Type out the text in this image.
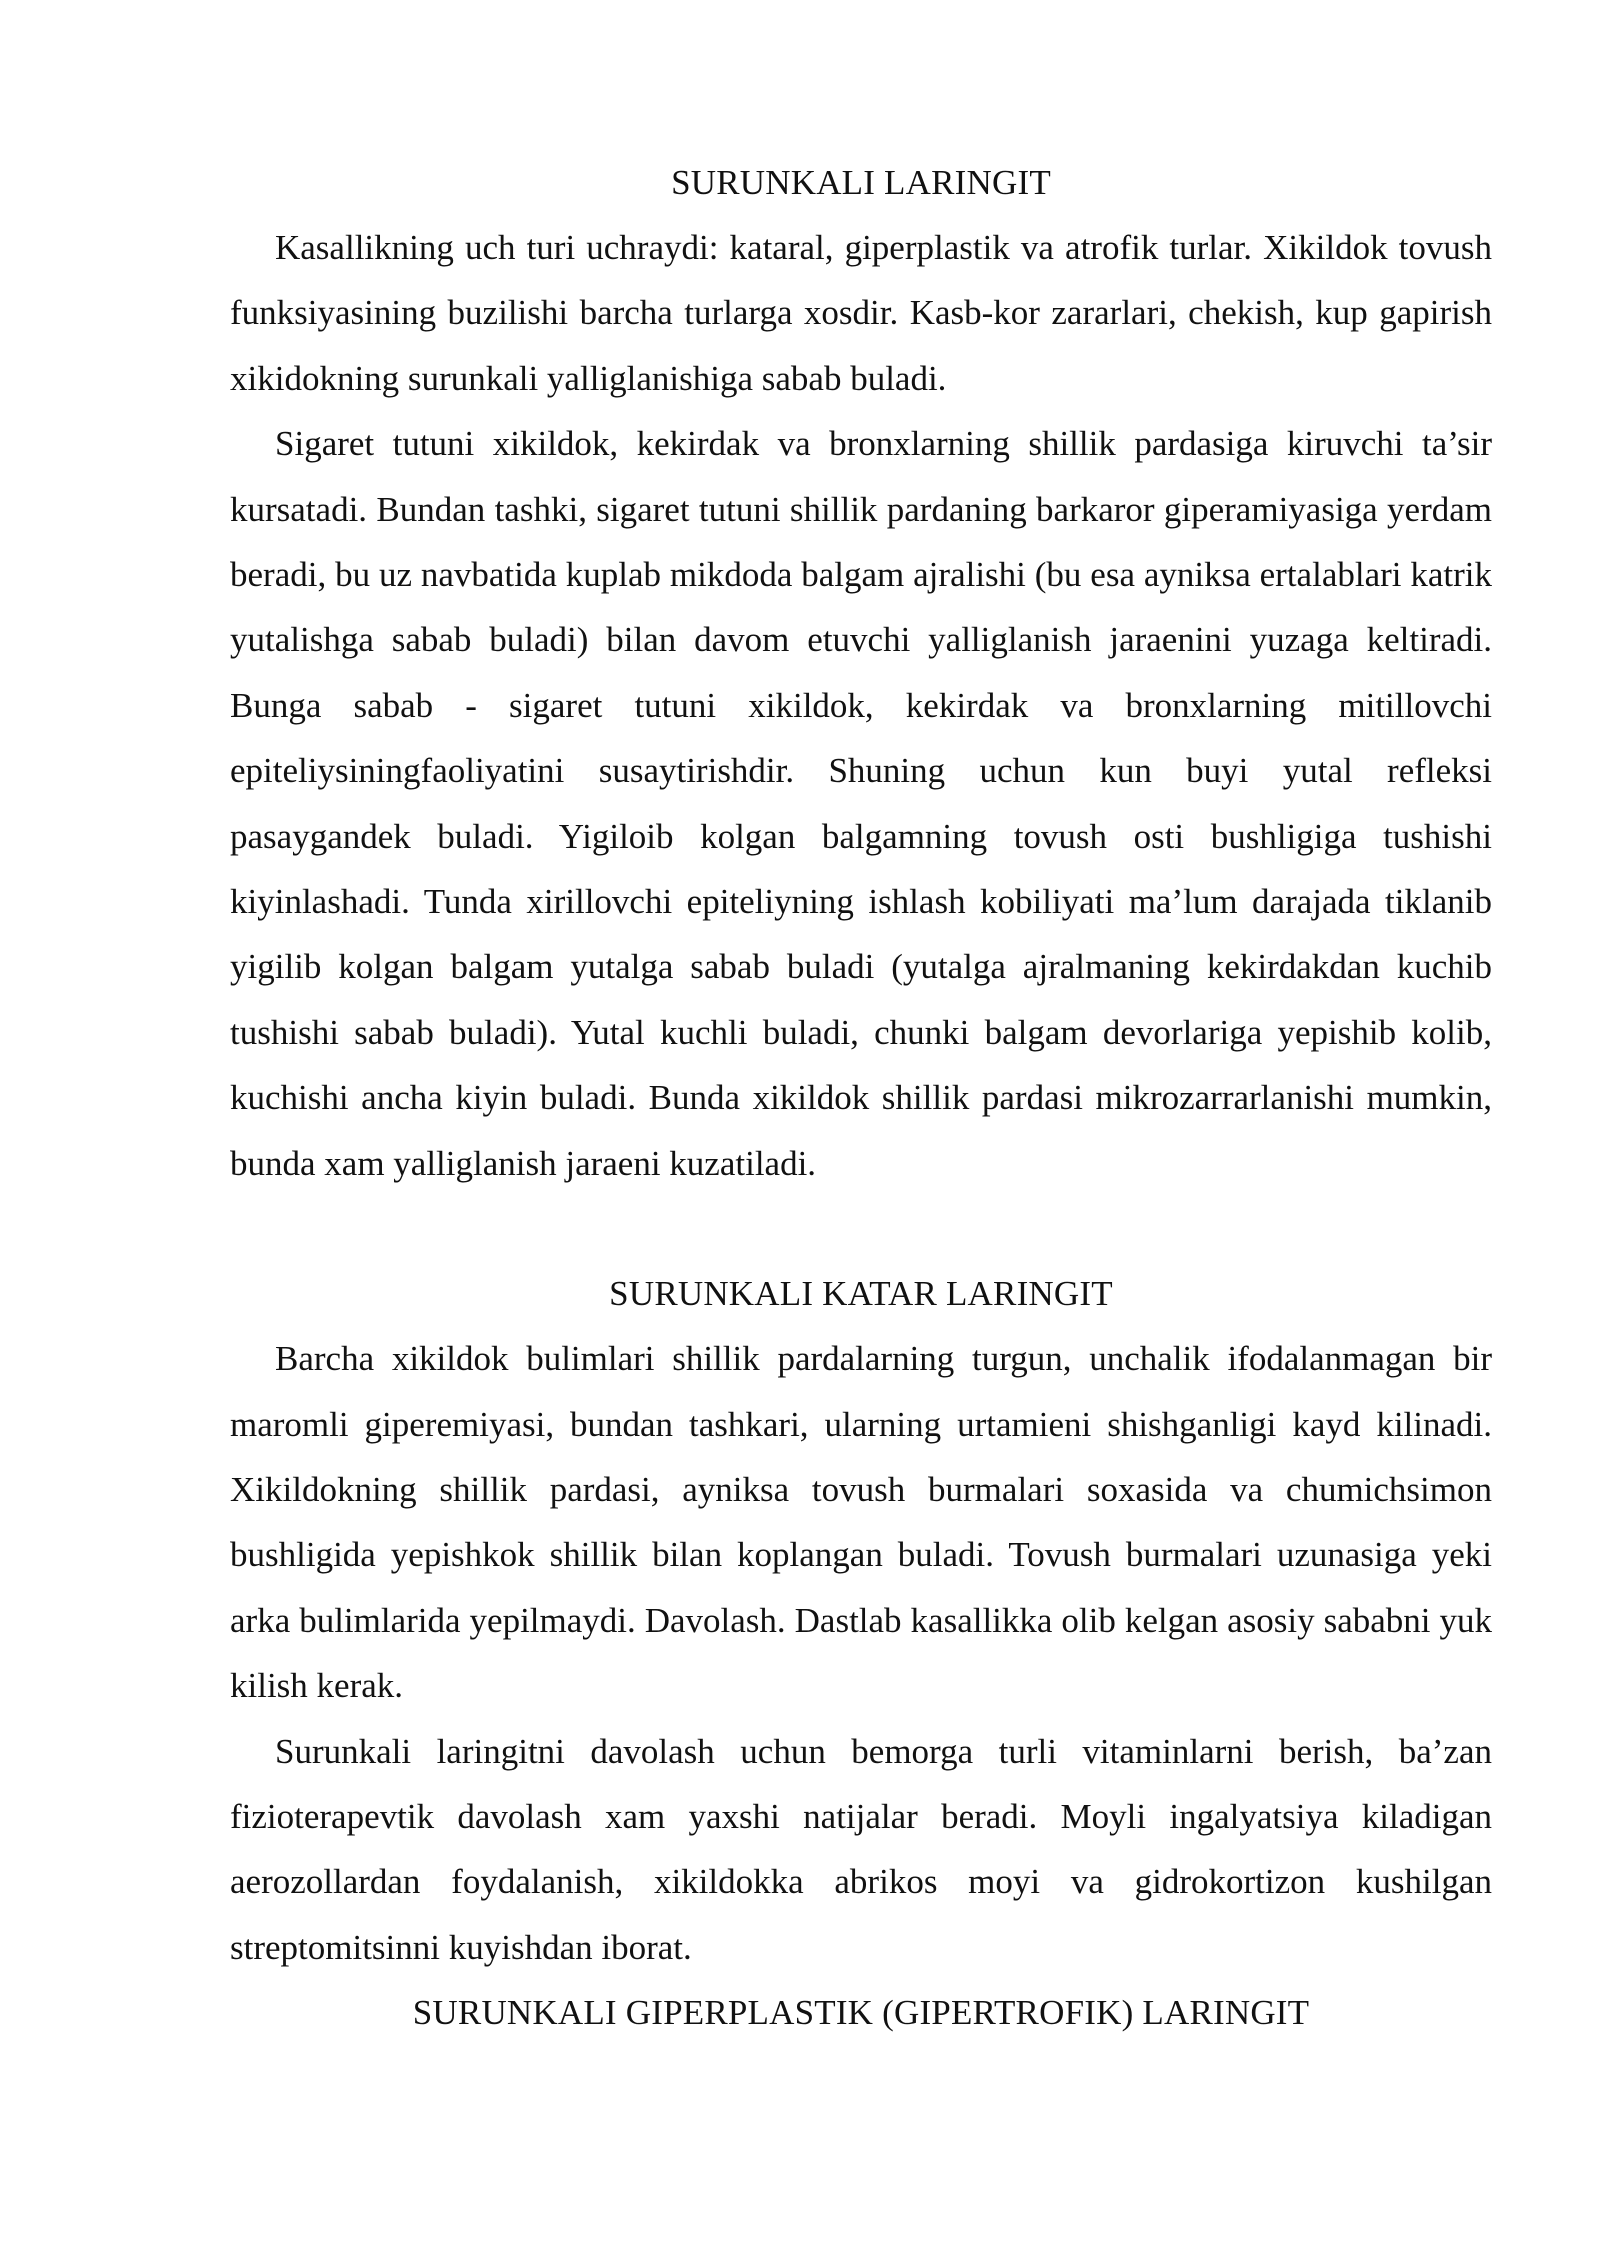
SURUNKALI LARINGIT

Kasallikning uch turi uchraydi: kataral, giperplastik va atrofik turlar. Xikildok tovush funksiyasining buzilishi barcha turlarga xosdir. Kasb-kor zararlari, chekish, kup gapirish xikidokning surunkali yalliglanishiga sabab buladi.

Sigaret tutuni xikildok, kekirdak va bronxlarning shillik pardasiga kiruvchi ta’sir kursatadi. Bundan tashki, sigaret tutuni shillik pardaning barkaror giperamiyasiga yerdam beradi, bu uz navbatida kuplab mikdoda balgam ajralishi (bu esa ayniksa ertalablari katrik yutalishga sabab buladi) bilan davom etuvchi yalliglanish jaraenini yuzaga keltiradi. Bunga sabab - sigaret tutuni xikildok, kekirdak va bronxlarning mitillovchi epiteliysiningfaoliyatini susaytirishdir. Shuning uchun kun buyi yutal refleksi pasaygandek buladi. Yigiloib kolgan balgamning tovush osti bushligiga tushishi kiyinlashadi. Tunda xirillovchi epiteliyning ishlash kobiliyati ma’lum darajada tiklanib yigilib kolgan balgam yutalga sabab buladi (yutalga ajralmaning kekirdakdan kuchib tushishi sabab buladi). Yutal kuchli buladi, chunki balgam devorlariga yepishib kolib, kuchishi ancha kiyin buladi. Bunda xikildok shillik pardasi mikrozarrarlanishi mumkin, bunda xam yalliglanish jaraeni kuzatiladi.

SURUNKALI KATAR LARINGIT

Barcha xikildok bulimlari shillik pardalarning turgun, unchalik ifodalanmagan bir maromli giperemiyasi, bundan tashkari, ularning urtamieni shishganligi kayd kilinadi. Xikildokning shillik pardasi, ayniksa tovush burmalari soxasida va chumichsimon bushligida yepishkok shillik bilan koplangan buladi. Tovush burmalari uzunasiga yeki arka bulimlarida yepilmaydi. Davolash. Dastlab kasallikka olib kelgan asosiy sababni yuk kilish kerak.

Surunkali laringitni davolash uchun bemorga turli vitaminlarni berish, ba’zan fizioterapevtik davolash xam yaxshi natijalar beradi. Moyli ingalyatsiya kiladigan aerozollardan foydalanish, xikildokka abrikos moyi va gidrokortizon kushilgan streptomitsinni kuyishdan iborat.

SURUNKALI GIPERPLASTIK (GIPERTROFIK) LARINGIT
